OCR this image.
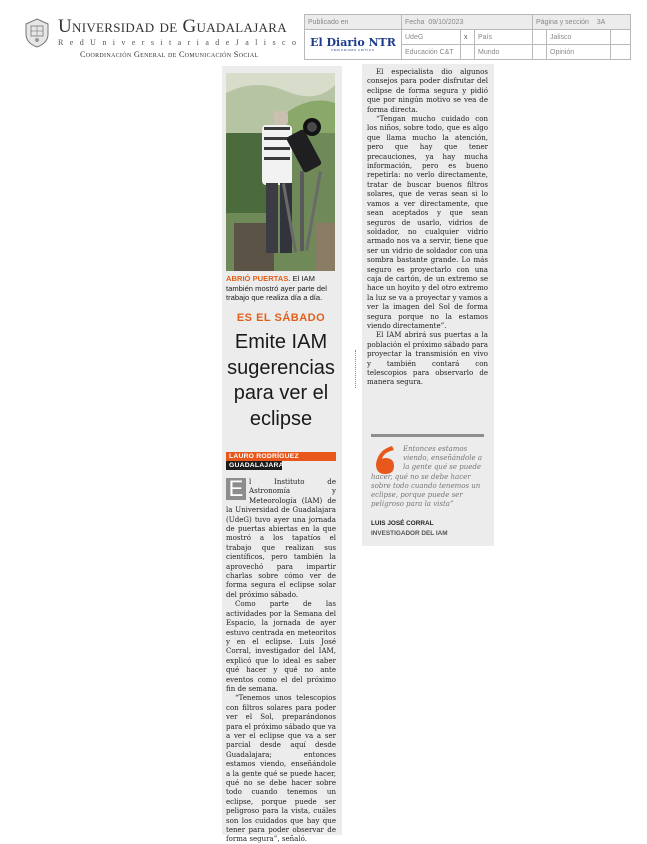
Universidad de Guadalajara
R e d U n i v e r s i t a r i a d e J a l i s c o
Coordinación General de Comunicación Social
Publicado en	Fecha 09/10/2023			Página y sección 3A		

El Diario NTR
PERIODISMO CRÍTICO	UdeG	x	País		Jalisco	
	Educación C&T		Mundo		Opinión	
ABRIÓ PUERTAS. El IAM también mostró ayer parte del trabajo que realiza día a día.
ES EL SÁBADO
Emite IAM sugerencias para ver el eclipse
LAURO RODRÍGUEZ
GUADALAJARA
E l Instituto de Astronomía y Meteorología (IAM) de la Universidad de Guadalajara (UdeG) tuvo ayer una jornada de puertas abiertas en la que mostró a los tapatíos el trabajo que realizan sus científicos, pero también la aprovechó para impartir charlas sobre cómo ver de forma segura el eclipse solar del próximo sábado.
Como parte de las actividades por la Semana del Espacio, la jornada de ayer estuvo centrada en meteoritos y en el eclipse. Luis José Corral, investigador del IAM, explicó que lo ideal es saber qué hacer y qué no ante eventos como el del próximo fin de semana.
“Tenemos unos telescopios con filtros solares para poder ver el Sol, preparándonos para el próximo sábado que va a ver el eclipse que va a ser parcial desde aquí desde Guadalajara; entonces estamos viendo, enseñándole a la gente qué se puede hacer, qué no se debe hacer sobre todo cuando tenemos un eclipse, porque puede ser peligroso para la vista, cuáles son los cuidados que hay que tener para poder observar de forma segura”, señaló.
El especialista dio algunos consejos para poder disfrutar del eclipse de forma segura y pidió que por ningún motivo se vea de forma directa.
“Tengan mucho cuidado con los niños, sobre todo, que es algo que llama mucho la atención, pero que hay que tener precauciones, ya hay mucha información, pero es bueno repetirla: no verlo directamente, tratar de buscar buenos filtros solares, que de veras sean si lo vamos a ver directamente, que sean aceptados y que sean seguros de usarlo, vidrios de soldador, no cualquier vidrio armado nos va a servir, tiene que ser un vidrio de soldador con una sombra bastante grande. Lo más seguro es proyectarlo con una caja de cartón, de un extremo se hace un hoyito y del otro extremo la luz se va a proyectar y vamos a ver la imagen del Sol de forma segura porque no la estamos viendo directamente”.
El IAM abrirá sus puertas a la población el próximo sábado para proyectar la transmisión en vivo y también contará con telescopios para observarlo de manera segura.
Entonces estamos viendo, enseñándole a la gente qué se puede
hacer, qué no se debe hacer sobre todo cuando tenemos un eclipse, porque puede ser peligroso para la vista”
LUIS JOSÉ CORRAL
INVESTIGADOR DEL IAM
